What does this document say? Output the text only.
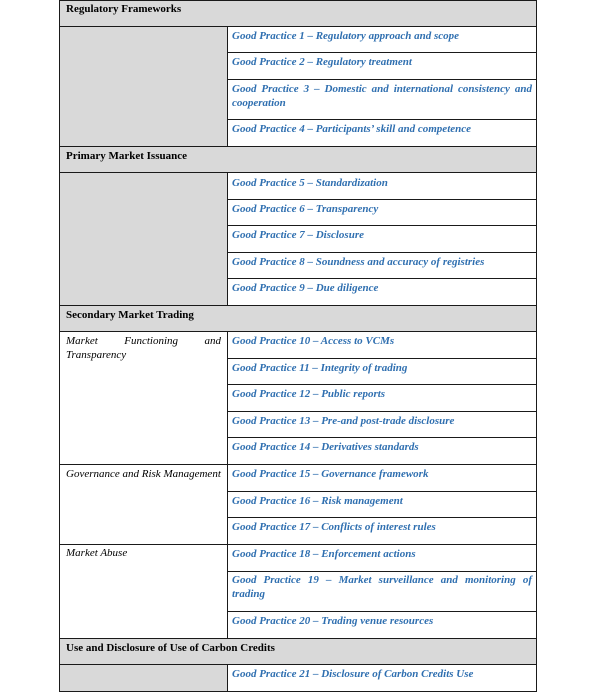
Regulatory Frameworks

Primary Market Issuance

Secondary Market Trading

Use and Disclosure of Use of Carbon Credits

Market Functioning and Transparency

Governance and Risk Management

Market Abuse

Good Practice 1 – Regulatory approach and scope

Good Practice 2 – Regulatory treatment

Good Practice 3 – Domestic and international consistency and cooperation

Good Practice 4 – Participants’ skill and competence

Good Practice 5 – Standardization

Good Practice 6 – Transparency

Good Practice 7 – Disclosure

Good Practice 8 – Soundness and accuracy of registries

Good Practice 9 – Due diligence

Good Practice 10 – Access to VCMs

Good Practice 11 – Integrity of trading

Good Practice 12 – Public reports

Good Practice 13 – Pre-and post-trade disclosure

Good Practice 14 – Derivatives standards

Good Practice 15 – Governance framework

Good Practice 16 – Risk management

Good Practice 17 – Conflicts of interest rules

Good Practice 18 – Enforcement actions

Good Practice 19 – Market surveillance and monitoring of trading

Good Practice 20 – Trading venue resources

Good Practice 21 – Disclosure of Carbon Credits Use
